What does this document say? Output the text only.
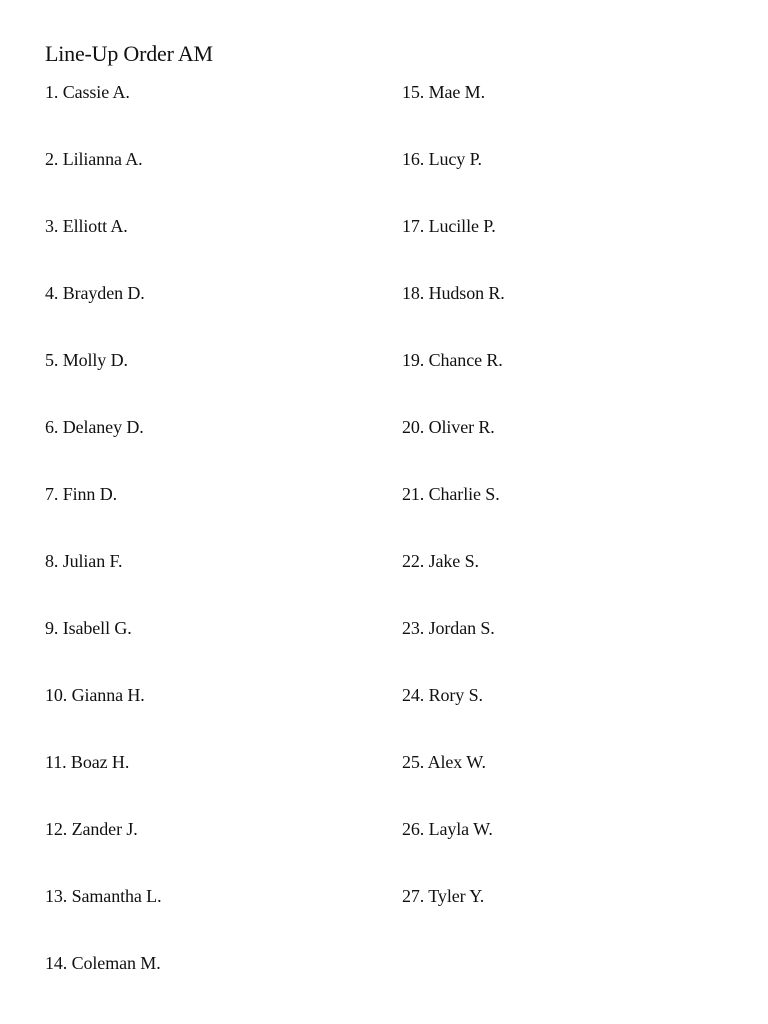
Line-Up Order AM
1. Cassie A.
2. Lilianna A.
3. Elliott A.
4. Brayden D.
5. Molly D.
6. Delaney D.
7. Finn D.
8. Julian F.
9. Isabell G.
10. Gianna H.
11. Boaz H.
12. Zander J.
13. Samantha L.
14. Coleman M.
15. Mae M.
16. Lucy P.
17. Lucille P.
18. Hudson R.
19. Chance R.
20. Oliver R.
21. Charlie S.
22. Jake S.
23. Jordan S.
24. Rory S.
25. Alex W.
26. Layla W.
27. Tyler Y.
